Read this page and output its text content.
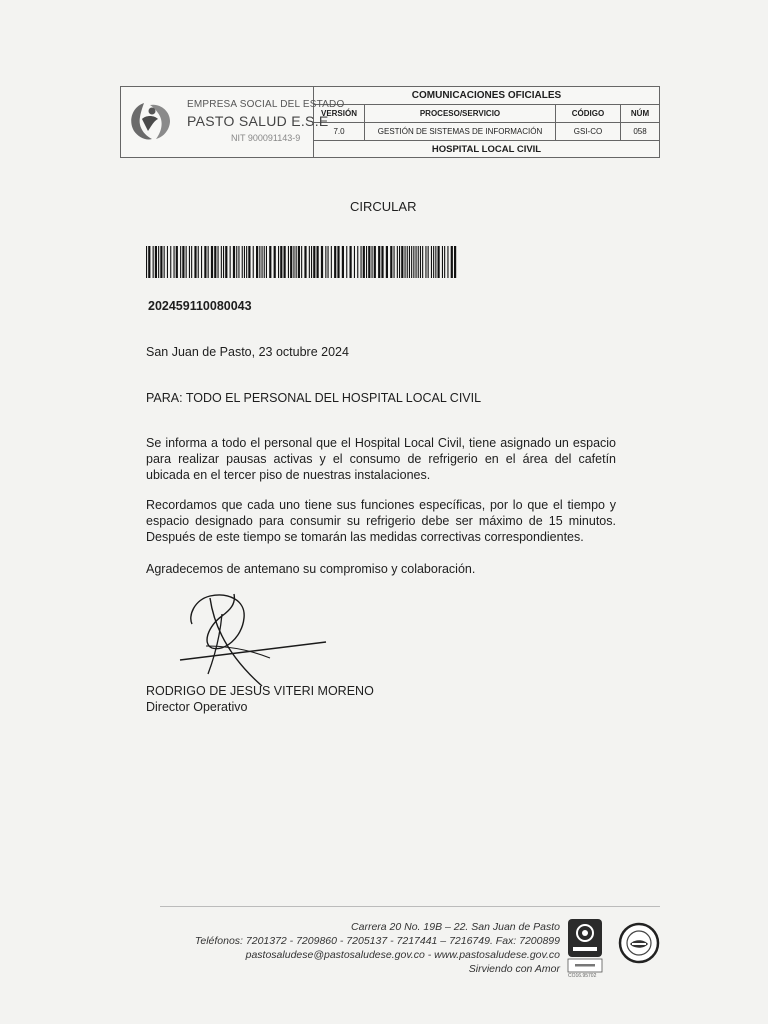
EMPRESA SOCIAL DEL ESTADO
PASTO SALUD E.S.E
NIT 900091143-9
COMUNICACIONES OFICIALES
VERSIÓN	PROCESO/SERVICIO	CÓDIGO	NÚM
7.0	GESTIÓN DE SISTEMAS DE INFORMACIÓN	GSI-CO	058
HOSPITAL LOCAL CIVIL
CIRCULAR
202459110080043
San Juan de Pasto, 23 octubre 2024
PARA: TODO EL PERSONAL DEL HOSPITAL LOCAL CIVIL
Se informa a todo el personal que el Hospital Local Civil, tiene asignado un espacio para realizar pausas activas y el consumo de refrigerio en el área del cafetín ubicada en el tercer piso de nuestras instalaciones.
Recordamos que cada uno tiene sus funciones específicas, por lo que el tiempo y espacio designado para consumir su refrigerio debe ser máximo de 15 minutos. Después de este tiempo se tomarán las medidas correctivas correspondientes.
Agradecemos de antemano su compromiso y colaboración.
RODRIGO DE JESUS VITERI MORENO
Director Operativo
Carrera 20 No. 19B – 22. San Juan de Pasto
Teléfonos: 7201372 - 7209860 - 7205137 - 7217441 – 7216749. Fax: 7200899
pastosaludese@pastosaludese.gov.co - www.pastosaludese.gov.co
Sirviendo con Amor
CO16.95702
